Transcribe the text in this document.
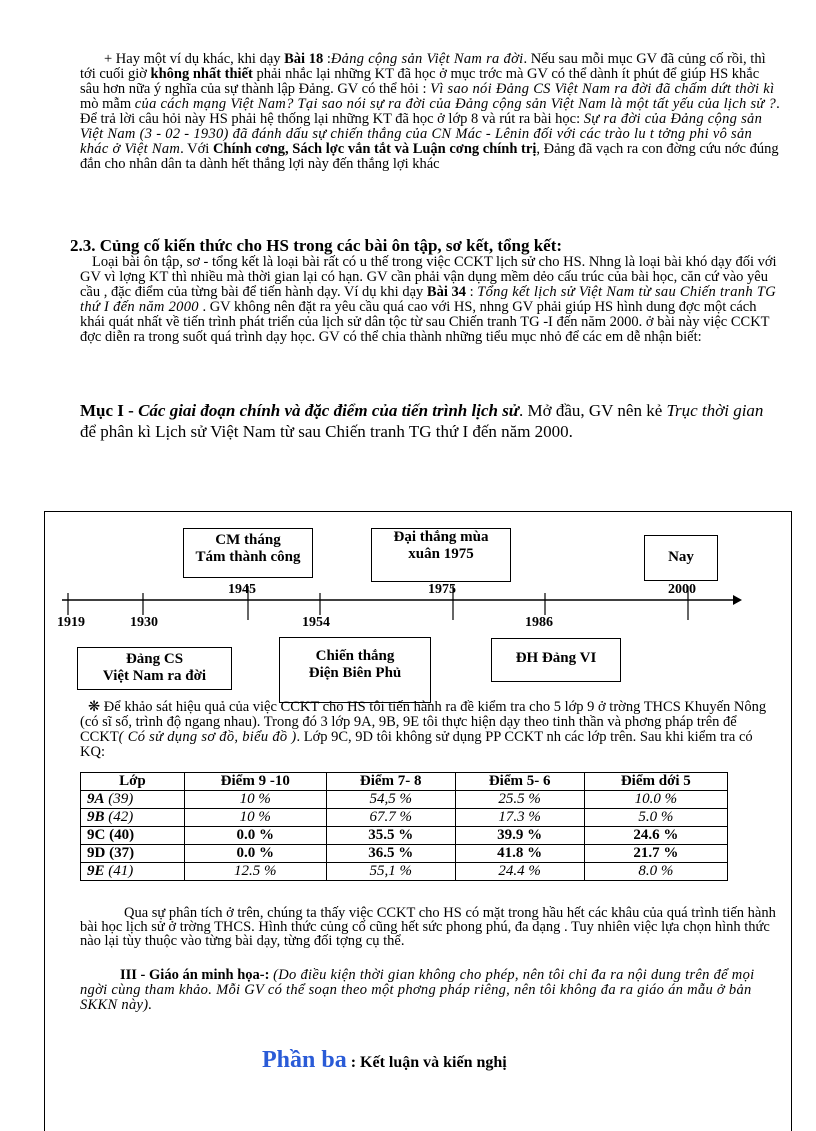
+ Hay một ví dụ khác, khi dạy Bài 18 :Đảng cộng sản Việt Nam ra đời. Nếu sau mỗi mục GV đã củng cố rồi, thì tới cuối giờ không nhất thiết phải nhắc lại những KT đã học ở mục trớc mà GV có thể dành ít phút để giúp HS khắc sâu hơn nữa ý nghĩa của sự thành lập Đảng. GV có thể hỏi : Vì sao nói Đảng CS Việt Nam ra đời đã chấm dứt thời kì mò mẫm của cách mạng Việt Nam? Tại sao nói sự ra đời của Đảng cộng sản Việt Nam là một tất yếu của lịch sử ?. Để trả lời câu hỏi này HS phải hệ thống lại những KT đã học ở lớp 8 và rút ra bài học: Sự ra đời của Đảng cộng sản Việt Nam (3 - 02 - 1930) đã đánh dấu sự chiến thắng của CN Mác - Lênin đối với các trào lu t tởng phi vô sản khác ở Việt Nam. Với Chính cơng, Sách lợc vắn tắt và Luận cơng chính trị, Đảng đã vạch ra con đờng cứu nớc đúng đắn cho nhân dân ta dành hết thắng lợi này đến thắng lợi khác

2.3. Củng cố kiến thức cho HS trong các bài ôn tập, sơ kết, tổng kết:

Loại bài ôn tập, sơ - tổng kết là loại bài rất có u thế trong việc CCKT lịch sử cho HS. Nhng là loại bài khó dạy đối với GV vì lợng KT thì nhiều mà thời gian lại có hạn. GV cần phải vận dụng mềm dẻo cấu trúc của bài học, căn cứ vào yêu cầu , đặc điểm của từng bài để tiến hành dạy. Ví dụ khi dạy Bài 34 : Tổng kết lịch sử Việt Nam từ sau Chiến tranh TG thứ I đến năm 2000 . GV không nên đặt ra yêu cầu quá cao với HS, nhng GV phải giúp HS hình dung đợc một cách khái quát nhất về tiến trình phát triển của lịch sử dân tộc từ sau Chiến tranh TG -I đến năm 2000. ở bài này việc CCKT đợc diễn ra trong suốt quá trình dạy học. GV có thể chia thành những tiểu mục nhỏ để các em dễ nhận biết:

Mục I - Các giai đoạn chính và đặc điểm của tiến trình lịch sử. Mở đầu, GV nên kẻ Trục thời gian để phân kì Lịch sử Việt Nam từ sau Chiến tranh TG thứ I đến năm 2000.

CM tháng
Tám thành công
Đại thắng mùa
xuân 1975	Nay
1945	1975	2000
1919	1930	1954	1986
Đảng CS
Việt Nam ra đời
Chiến thắng
Điện Biên Phủ
ĐH Đảng VI

❋ Để khảo sát hiệu quả của việc CCKT cho HS tôi tiến hành ra đề kiểm tra cho 5 lớp 9 ở trờng THCS Khuyến Nông (có sĩ số, trình độ ngang nhau). Trong đó 3 lớp 9A, 9B, 9E tôi thực hiện dạy theo tinh thần và phơng pháp trên để CCKT( Có sử dụng sơ đồ, biểu đồ ). Lớp 9C, 9D tôi không sử dụng PP CCKT nh các lớp trên. Sau khi kiểm tra có KQ:

Lớp	Điểm 9 -10	Điểm 7- 8	Điểm 5- 6	Điểm dới 5
9A (39)	10 %	54,5 %	25.5 %	10.0 %
9B (42)	10 %	67.7 %	17.3 %	5.0 %
9C (40)	0.0 %	35.5 %	39.9 %	24.6 %
9D (37)	0.0 %	36.5 %	41.8 %	21.7 %
9E (41)	12.5 %	55,1 %	24.4 %	8.0 %

Qua sự phân tích ở trên, chúng ta thấy việc CCKT cho HS có mặt trong hầu hết các khâu của quá trình tiến hành bài học lịch sử ở trờng THCS. Hình thức củng cố cũng hết sức phong phú, đa dạng . Tuy nhiên việc lựa chọn hình thức nào lại tùy thuộc vào từng bài dạy, từng đối tợng cụ thể.

III - Giáo án minh họa-: (Do điều kiện thời gian không cho phép, nên tôi chỉ đa ra nội dung trên để mọi ngời cùng tham khảo. Mỗi GV có thể soạn theo một phơng pháp riêng, nên tôi không đa ra giáo án mẫu ở bản SKKN này).

Phần ba : Kết luận và kiến nghị
